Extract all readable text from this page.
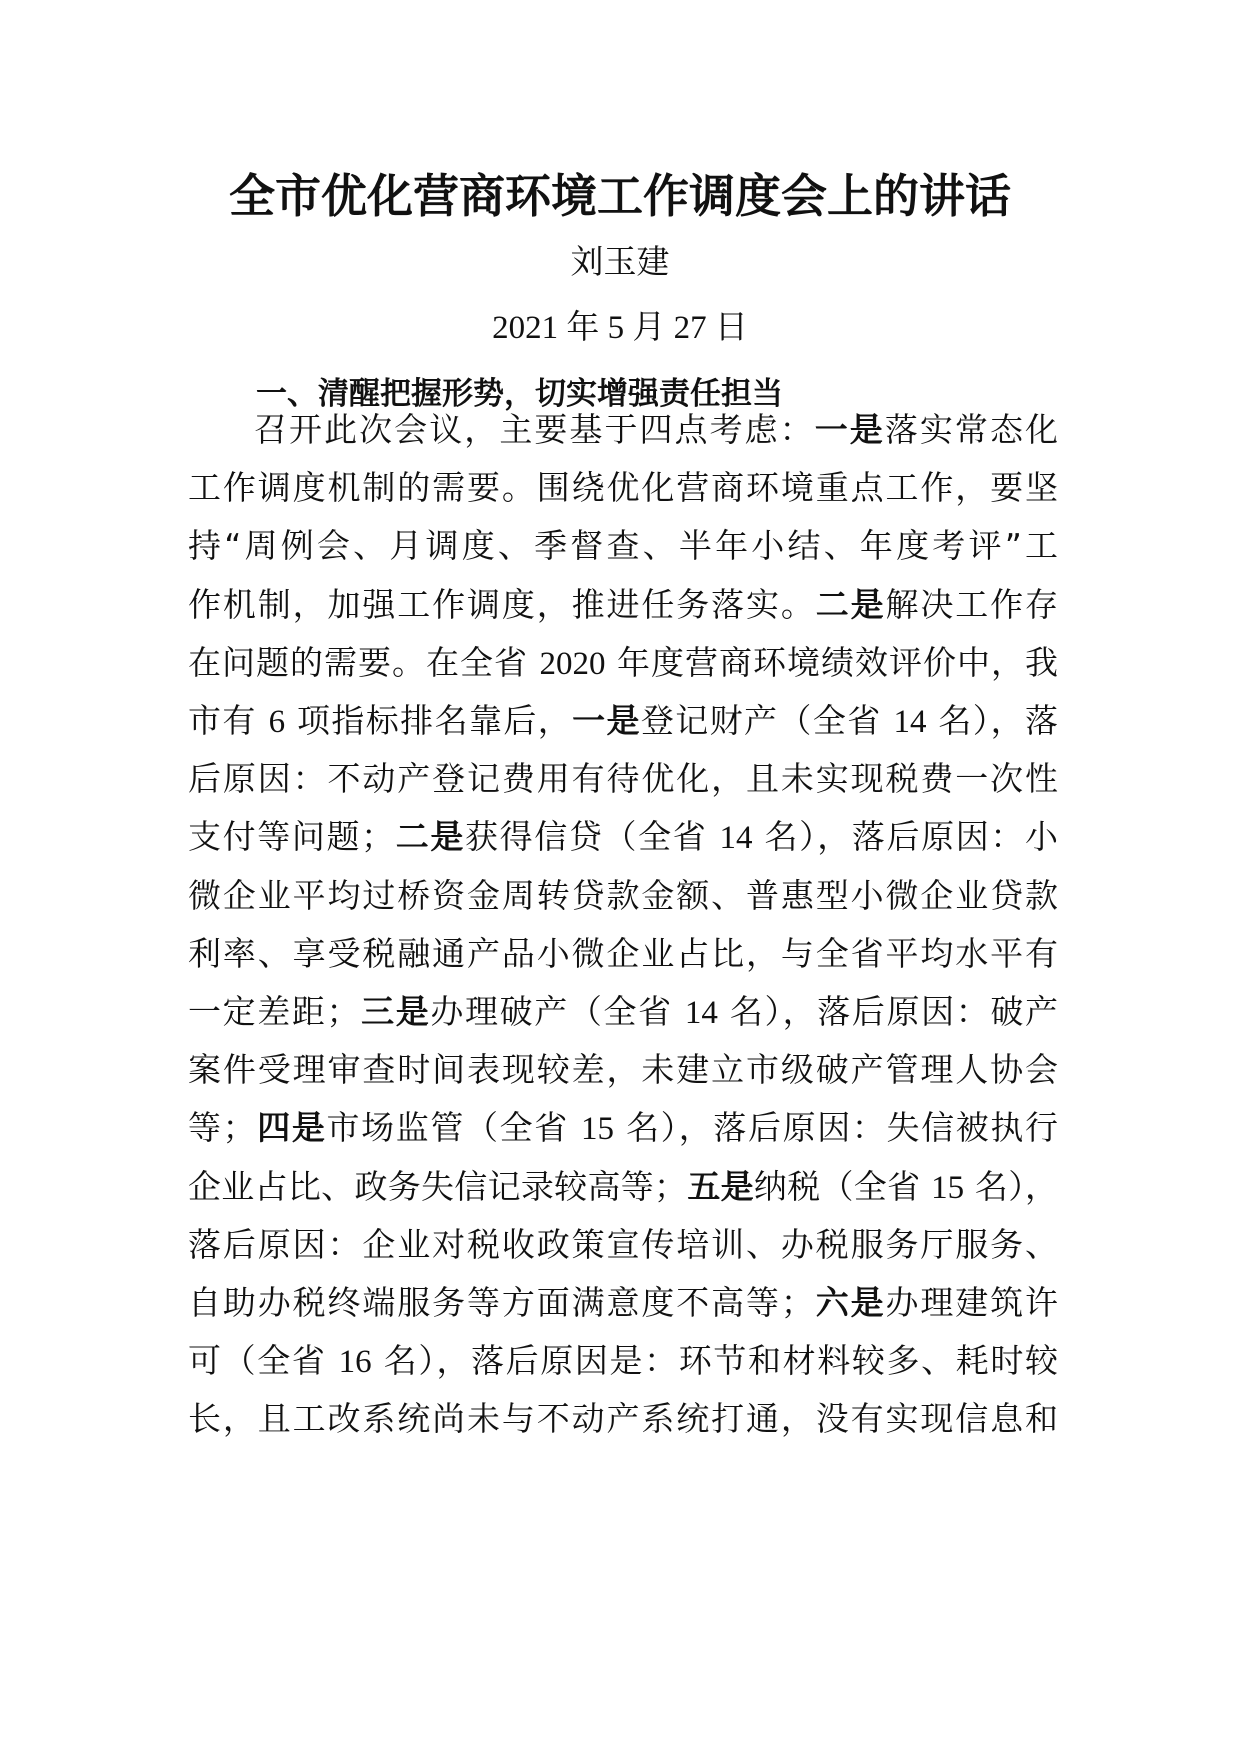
全市优化营商环境工作调度会上的讲话

刘玉建

2021 年 5 月 27 日

一、清醒把握形势，切实增强责任担当

召开此次会议，主要基于四点考虑：一是落实常态化

工作调度机制的需要。围绕优化营商环境重点工作，要坚

持“周例会、月调度、季督查、半年小结、年度考评”工

作机制，加强工作调度，推进任务落实。二是解决工作存

在问题的需要。在全省 2020 年度营商环境绩效评价中，我

市有 6 项指标排名靠后，一是登记财产（全省 14 名），落

后原因：不动产登记费用有待优化，且未实现税费一次性

支付等问题；二是获得信贷（全省 14 名），落后原因：小

微企业平均过桥资金周转贷款金额、普惠型小微企业贷款

利率、享受税融通产品小微企业占比，与全省平均水平有

一定差距；三是办理破产（全省 14 名），落后原因：破产

案件受理审查时间表现较差，未建立市级破产管理人协会

等；四是市场监管（全省 15 名），落后原因：失信被执行

企业占比、政务失信记录较高等；五是纳税（全省 15 名），

落后原因：企业对税收政策宣传培训、办税服务厅服务、

自助办税终端服务等方面满意度不高等；六是办理建筑许

可（全省 16 名），落后原因是：环节和材料较多、耗时较

长，且工改系统尚未与不动产系统打通，没有实现信息和
